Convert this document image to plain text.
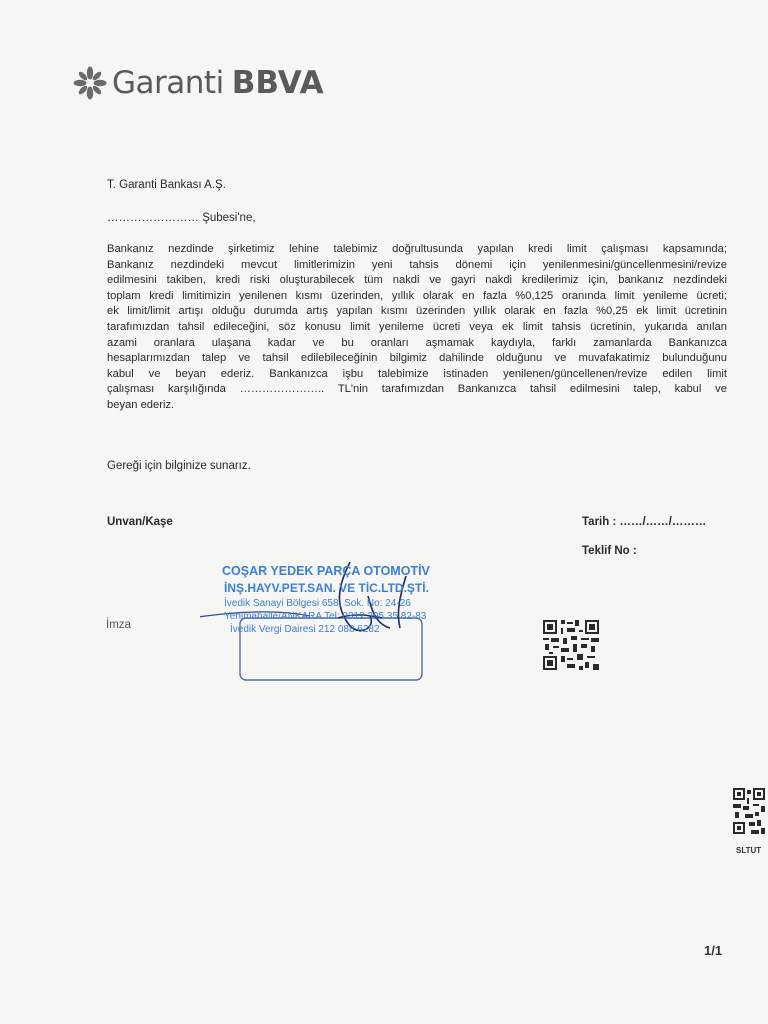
Garanti BBVA
T. Garanti Bankası A.Ş.
…………………… Şubesi'ne,
Bankanız nezdinde şirketimiz lehine talebimiz doğrultusunda yapılan kredi limit çalışması kapsamında;
Bankanız nezdindeki mevcut limitlerimizin yeni tahsis dönemi için yenilenmesini/güncellenmesini/revize
edilmesini takiben, kredi riski oluşturabilecek tüm nakdi ve gayri nakdi kredilerimiz için, bankanız nezdindeki
toplam kredi limitimizin yenilenen kısmı üzerinden, yıllık olarak en fazla %0,125 oranında limit yenileme ücreti;
ek limit/limit artışı olduğu durumda artış yapılan kısmı üzerinden yıllık olarak en fazla %0,25 ek limit ücretinin
tarafımızdan tahsil edileceğini, söz konusu limit yenileme ücreti veya ek limit tahsis ücretinin, yukarıda anılan
azami oranlara ulaşana kadar ve bu oranları aşmamak kaydıyla, farklı zamanlarda Bankanızca
hesaplarımızdan talep ve tahsil edilebileceğinin bilgimiz dahilinde olduğunu ve muvafakatimiz bulunduğunu
kabul ve beyan ederiz. Bankanızca işbu talebimize istinaden yenilenen/güncellenen/revize edilen limit
çalışması karşılığında ………………….. TL'nin tarafımızdan Bankanızca tahsil edilmesini talep, kabul ve
beyan ederiz.
Gereği için bilginize sunarız.
Unvan/Kaşe	Tarih : ……/……/………
Teklif No :
İmza
COŞAR YEDEK PARÇA OTOMOTİV
İNŞ.HAYV.PET.SAN. VE TİC.LTD.ŞTİ.
İvedik Sanayi Bölgesi 658. Sok. No: 24-26
Yenimahalle/ANKARA Tel: 0312 395 35 82-83
İvedik Vergi Dairesi 212 088 6282
SLTUT
1/1
